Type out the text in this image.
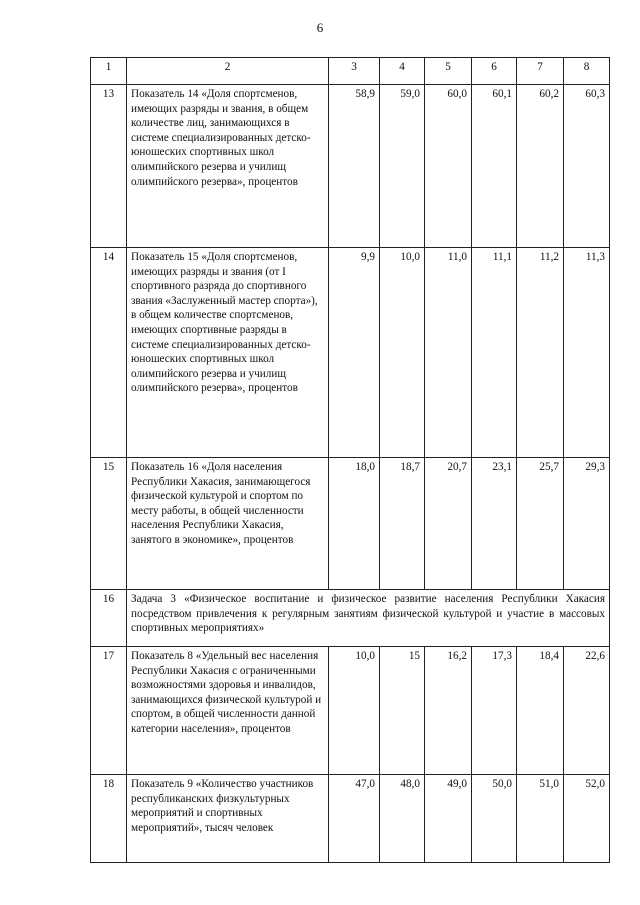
6
1	2	3	4	5	6	7	8
13	Показатель 14 «Доля спортсменов, имеющих разряды и звания, в общем количестве лиц, занимающихся в системе специализированных детско-юношеских спортивных школ олимпийского резерва и училищ олимпийского резерва», процентов	58,9	59,0	60,0	60,1	60,2	60,3
14	Показатель 15 «Доля спортсменов, имеющих разряды и звания (от I спортивного разряда до спортивного звания «Заслуженный мастер спорта»), в общем количестве спортсменов, имеющих спортивные разряды в системе специализированных детско-юношеских спортивных школ олимпийского резерва и училищ олимпийского резерва», процентов	9,9	10,0	11,0	11,1	11,2	11,3
15	Показатель 16 «Доля населения Республики Хакасия, занимающегося физической культурой и спортом по месту работы, в общей численности населения Республики Хакасия, занятого в экономике», процентов	18,0	18,7	20,7	23,1	25,7	29,3
16	Задача 3 «Физическое воспитание и физическое развитие населения Республики Хакасия посредством привлечения к регулярным занятиям физической культурой и участие в массовых спортивных мероприятиях»						
17	Показатель 8 «Удельный вес населения Республики Хакасия с ограниченными возможностями здоровья и инвалидов, занимающихся физической культурой и спортом, в общей численности данной категории населения», процентов	10,0	15	16,2	17,3	18,4	22,6
18	Показатель 9 «Количество участников республиканских физкультурных мероприятий и спортивных мероприятий», тысяч человек	47,0	48,0	49,0	50,0	51,0	52,0
